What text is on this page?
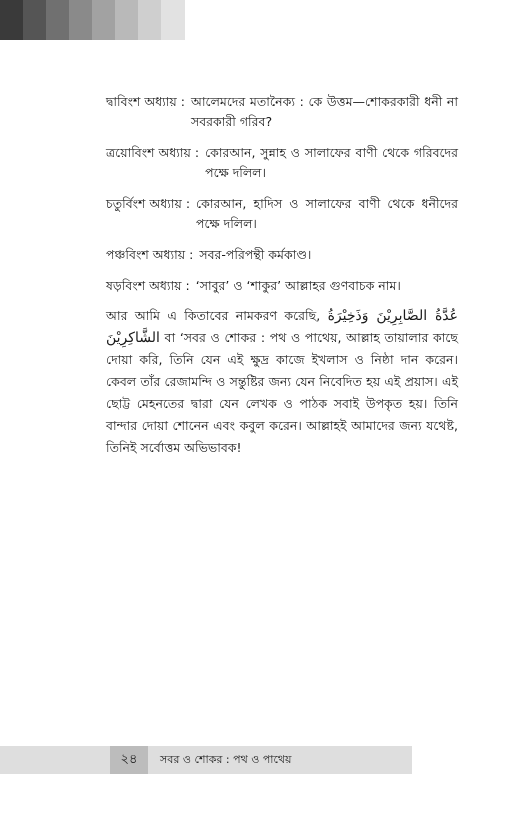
দ্বাবিংশ অধ্যায় : আলেমদের মতানৈক্য : কে উত্তম—শোকরকারী ধনী না সবরকারী গরিব?
ত্রয়োবিংশ অধ্যায় : কোরআন, সুন্নাহ ও সালাফের বাণী থেকে গরিবদের পক্ষে দলিল।
চতুর্বিংশ অধ্যায় : কোরআন, হাদিস ও সালাফের বাণী থেকে ধনীদের পক্ষে দলিল।
পঞ্চবিংশ অধ্যায় : সবর-পরিপন্থী কর্মকাণ্ড।
ষড়বিংশ অধ্যায় : ‘সাবুর’ ও ‘শাকুর’ আল্লাহর গুণবাচক নাম।

আর আমি এ কিতাবের নামকরণ করেছি, عُدَّةُ الصَّابِرِيْنَ وَذَخِيْرَةُ الشَّاكِرِيْنَ বা ‘সবর ও শোকর : পথ ও পাথেয়, আল্লাহ তায়ালার কাছে দোয়া করি, তিনি যেন এই ক্ষুদ্র কাজে ইখলাস ও নিষ্ঠা দান করেন। কেবল তাঁর রেজামন্দি ও সন্তুষ্টির জন্য যেন নিবেদিত হয় এই প্রয়াস। এই ছোট্ট মেহনতের দ্বারা যেন লেখক ও পাঠক সবাই উপকৃত হয়। তিনি বান্দার দোয়া শোনেন এবং কবুল করেন। আল্লাহই আমাদের জন্য যথেষ্ট, তিনিই সর্বোত্তম অভিভাবক!

২৪	সবর ও শোকর : পথ ও পাথেয়
